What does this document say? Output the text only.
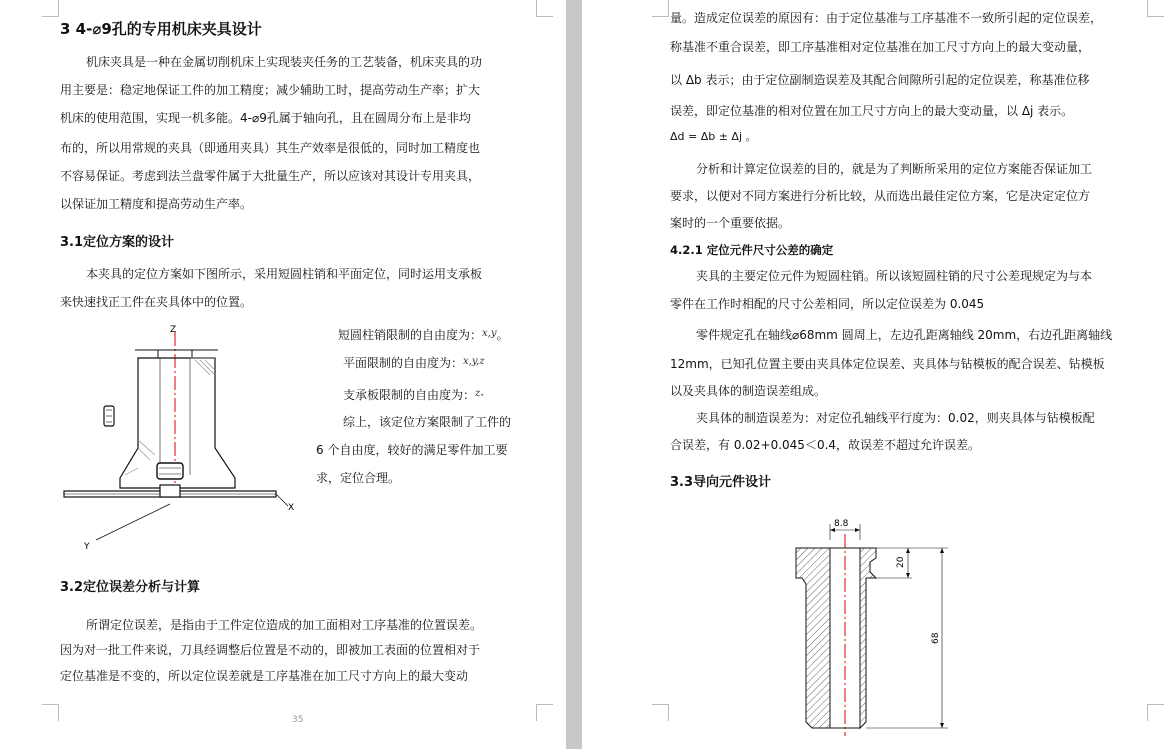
3 4-⌀9孔的专用机床夹具设计
机床夹具是一种在金属切削机床上实现装夹任务的工艺装备，机床夹具的功
用主要是：稳定地保证工件的加工精度；减少辅助工时，提高劳动生产率；扩大
机床的使用范围，实现一机多能。4-⌀9孔属于轴向孔，且在圆周分布上是非均
布的，所以用常规的夹具（即通用夹具）其生产效率是很低的，同时加工精度也
不容易保证。考虑到法兰盘零件属于大批量生产，所以应该对其设计专用夹具，
以保证加工精度和提高劳动生产率。
3.1定位方案的设计
本夹具的定位方案如下图所示，采用短圆柱销和平面定位，同时运用支承板
来快速找正工件在夹具体中的位置。
Z
X
Y
短圆柱销限制的自由度为：$^{x,y}$。
平面限制的自由度为：$^{x,y,z}$
支承板限制的自由度为：$^z$·
综上，该定位方案限制了工件的
6 个自由度，较好的满足零件加工要
求，定位合理。
3.2定位误差分析与计算
所谓定位误差，是指由于工件定位造成的加工面相对工序基准的位置误差。
因为对一批工件来说，刀具经调整后位置是不动的，即被加工表面的位置相对于
定位基准是不变的，所以定位误差就是工序基准在加工尺寸方向上的最大变动
35
量。造成定位误差的原因有：由于定位基准与工序基准不一致所引起的定位误差，
称基准不重合误差，即工序基准相对定位基准在加工尺寸方向上的最大变动量，
以 Δb 表示；由于定位副制造误差及其配合间隙所引起的定位误差，称基准位移
误差，即定位基准的相对位置在加工尺寸方向上的最大变动量，以 Δj 表示。
Δd = Δb ± Δj 。
分析和计算定位误差的目的，就是为了判断所采用的定位方案能否保证加工
要求，以便对不同方案进行分析比较，从而选出最佳定位方案，它是决定定位方
案时的一个重要依据。
4.2.1 定位元件尺寸公差的确定
夹具的主要定位元件为短圆柱销。所以该短圆柱销的尺寸公差现规定为与本
零件在工作时相配的尺寸公差相同，所以定位误差为 0.045
零件规定孔在轴线⌀68mm 圆周上，左边孔距离轴线 20mm，右边孔距离轴线
12mm，已知孔位置主要由夹具体定位误差、夹具体与钻模板的配合误差、钻模板
以及夹具体的制造误差组成。
夹具体的制造误差为：对定位孔轴线平行度为：0.02，则夹具体与钻模板配
合误差，有 0.02+0.045＜0.4，故误差不超过允许误差。
3.3导向元件设计
8.8
20
68
